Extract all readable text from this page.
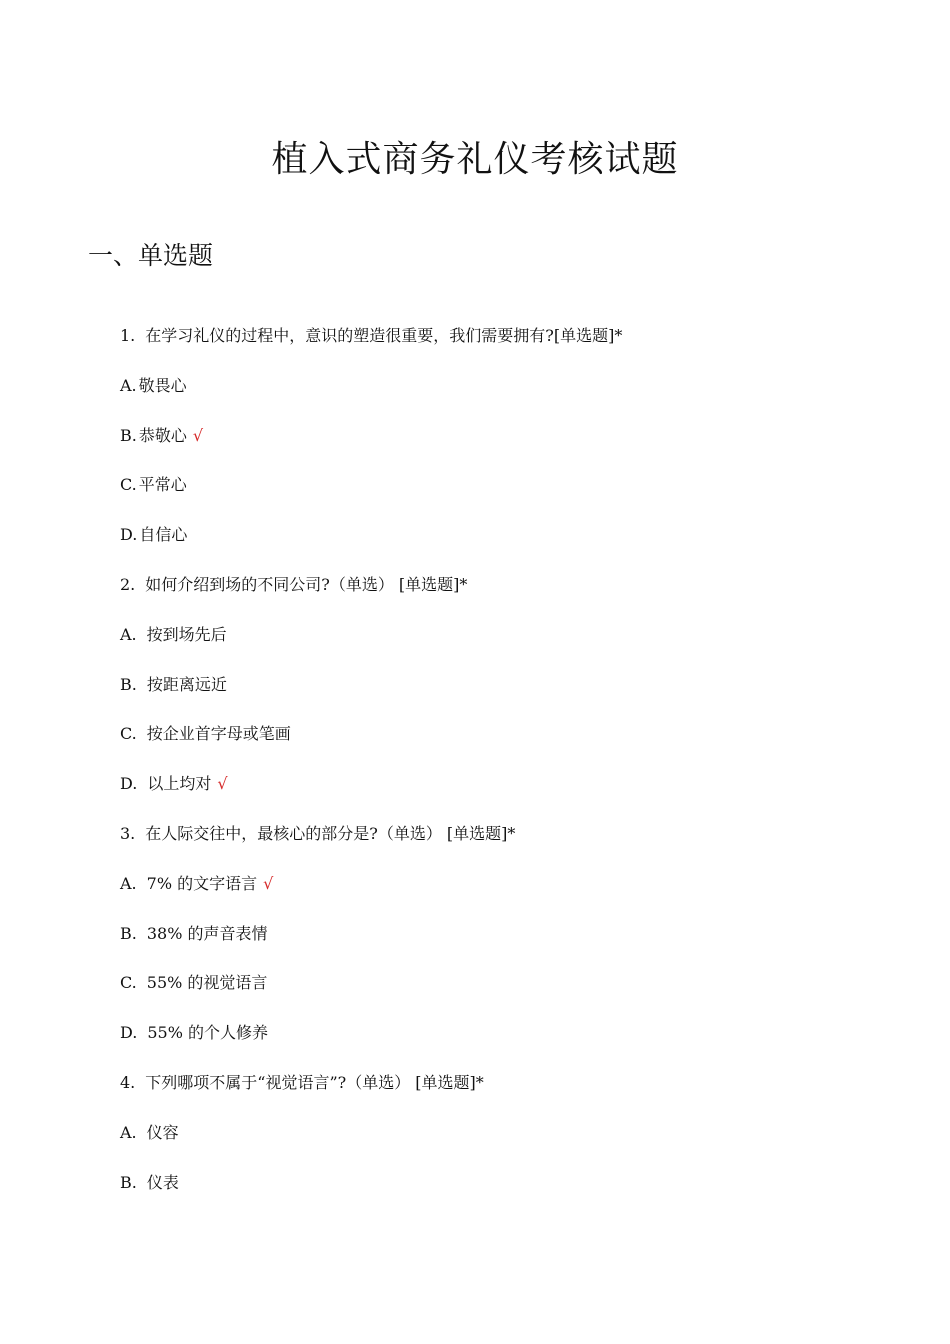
植入式商务礼仪考核试题
一、单选题
1. 在学习礼仪的过程中，意识的塑造很重要，我们需要拥有?[单选题]*
A. 敬畏心
B. 恭敬心 √
C. 平常心
D. 自信心
2. 如何介绍到场的不同公司?（单选） [单选题]*
A. 按到场先后
B. 按距离远近
C. 按企业首字母或笔画
D. 以上均对 √
3. 在人际交往中，最核心的部分是?（单选） [单选题]*
A. 7% 的文字语言 √
B. 38% 的声音表情
C. 55% 的视觉语言
D. 55% 的个人修养
4. 下列哪项不属于“视觉语言”?（单选） [单选题]*
A. 仪容
B. 仪表
